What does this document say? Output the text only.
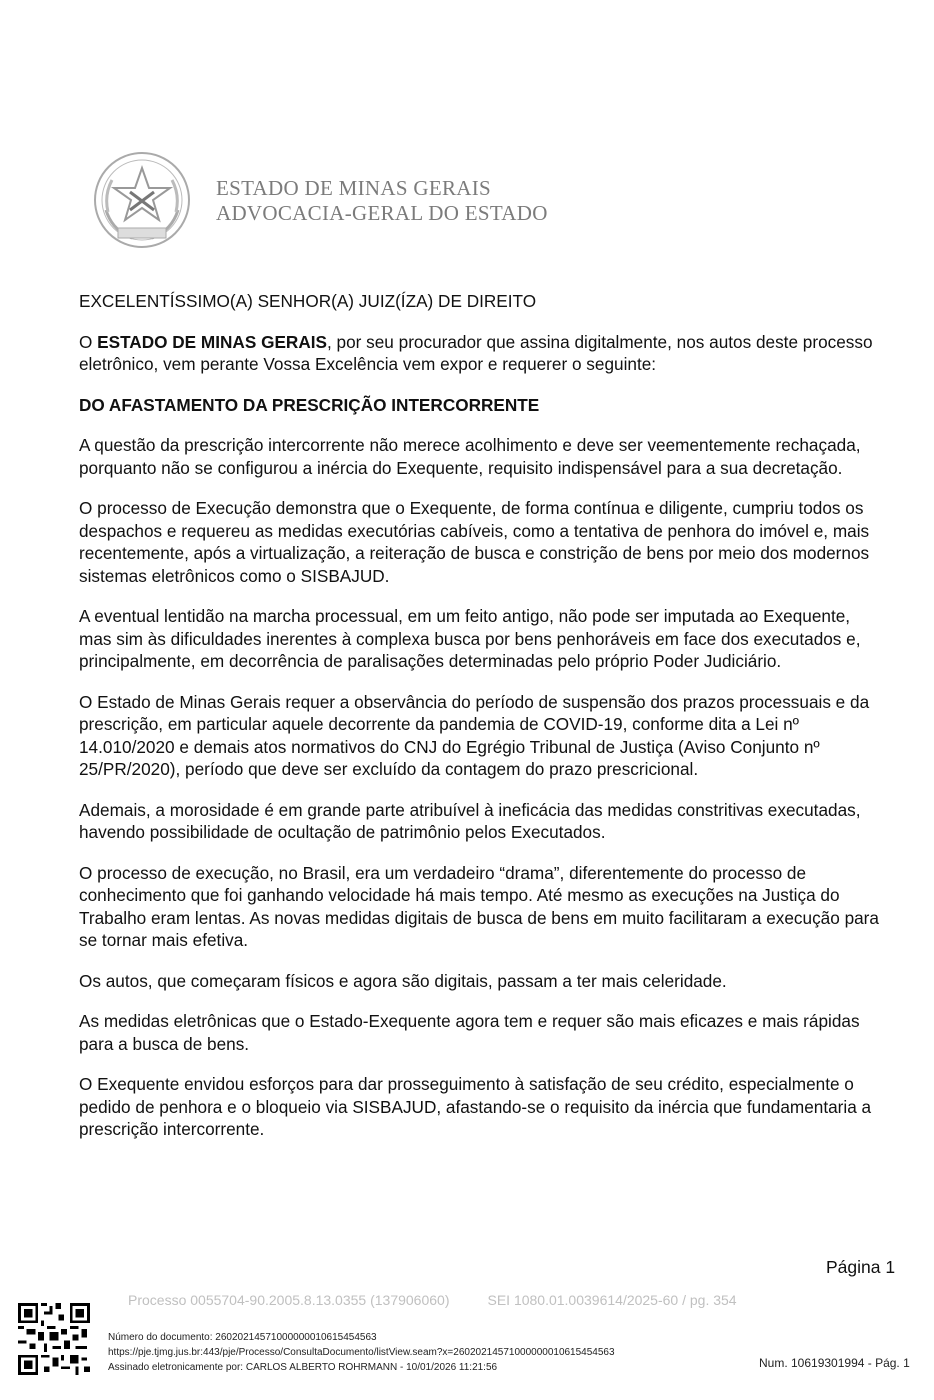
ESTADO DE MINAS GERAIS
ADVOCACIA-GERAL DO ESTADO

EXCELENTÍSSIMO(A) SENHOR(A) JUIZ(ÍZA) DE DIREITO

O ESTADO DE MINAS GERAIS, por seu procurador que assina digitalmente, nos autos deste processo eletrônico, vem perante Vossa Excelência vem expor e requerer o seguinte:

DO AFASTAMENTO DA PRESCRIÇÃO INTERCORRENTE

A questão da prescrição intercorrente não merece acolhimento e deve ser veementemente rechaçada, porquanto não se configurou a inércia do Exequente, requisito indispensável para a sua decretação.

O processo de Execução demonstra que o Exequente, de forma contínua e diligente, cumpriu todos os despachos e requereu as medidas executórias cabíveis, como a tentativa de penhora do imóvel e, mais recentemente, após a virtualização, a reiteração de busca e constrição de bens por meio dos modernos sistemas eletrônicos como o SISBAJUD.

A eventual lentidão na marcha processual, em um feito antigo, não pode ser imputada ao Exequente, mas sim às dificuldades inerentes à complexa busca por bens penhoráveis em face dos executados e, principalmente, em decorrência de paralisações determinadas pelo próprio Poder Judiciário.

O Estado de Minas Gerais requer a observância do período de suspensão dos prazos processuais e da prescrição, em particular aquele decorrente da pandemia de COVID-19, conforme dita a Lei nº 14.010/2020 e demais atos normativos do CNJ do Egrégio Tribunal de Justiça (Aviso Conjunto nº 25/PR/2020), período que deve ser excluído da contagem do prazo prescricional.

Ademais, a morosidade é em grande parte atribuível à ineficácia das medidas constritivas executadas, havendo possibilidade de ocultação de patrimônio pelos Executados.

O processo de execução, no Brasil, era um verdadeiro “drama”, diferentemente do processo de conhecimento que foi ganhando velocidade há mais tempo. Até mesmo as execuções na Justiça do Trabalho eram lentas. As novas medidas digitais de busca de bens em muito facilitaram a execução para se tornar mais efetiva.

Os autos, que começaram físicos e agora são digitais, passam a ter mais celeridade.

As medidas eletrônicas que o Estado-Exequente agora tem e requer são mais eficazes e mais rápidas para a busca de bens.

O Exequente envidou esforços para dar prosseguimento à satisfação de seu crédito, especialmente o pedido de penhora e o bloqueio via SISBAJUD, afastando-se o requisito da inércia que fundamentaria a prescrição intercorrente.

Página 1
Processo 0055704-90.2005.8.13.0355 (137906060)	SEI 1080.01.0039614/2025-60 / pg. 354
Número do documento: 26020214571000000010615454563
https://pje.tjmg.jus.br:443/pje/Processo/ConsultaDocumento/listView.seam?x=26020214571000000010615454563
Assinado eletronicamente por: CARLOS ALBERTO ROHRMANN - 10/01/2026 11:21:56	Num. 10619301994 - Pág. 1
